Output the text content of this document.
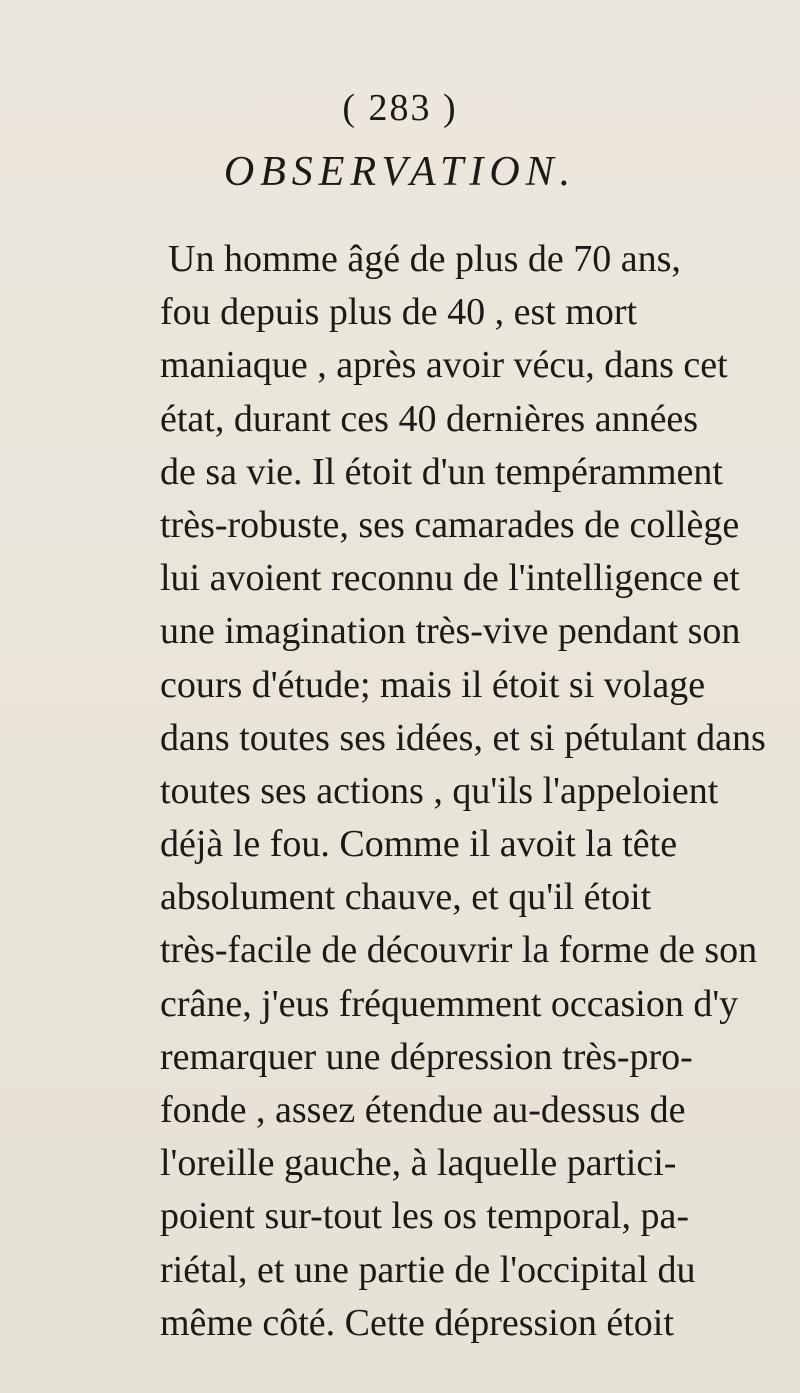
( 283 )
OBSERVATION.
Un homme âgé de plus de 70 ans,
fou depuis plus de 40 , est mort
maniaque , après avoir vécu, dans cet
état, durant ces 40 dernières années
de sa vie. Il étoit d'un tempéramment
très-robuste, ses camarades de collège
lui avoient reconnu de l'intelligence et
une imagination très-vive pendant son
cours d'étude; mais il étoit si volage
dans toutes ses idées, et si pétulant dans
toutes ses actions , qu'ils l'appeloient
déjà le fou. Comme il avoit la tête
absolument chauve, et qu'il étoit
très-facile de découvrir la forme de son
crâne, j'eus fréquemment occasion d'y
remarquer une dépression très-pro-
fonde , assez étendue au-dessus de
l'oreille gauche, à laquelle partici-
poient sur-tout les os temporal, pa-
riétal, et une partie de l'occipital du
même côté. Cette dépression étoit
